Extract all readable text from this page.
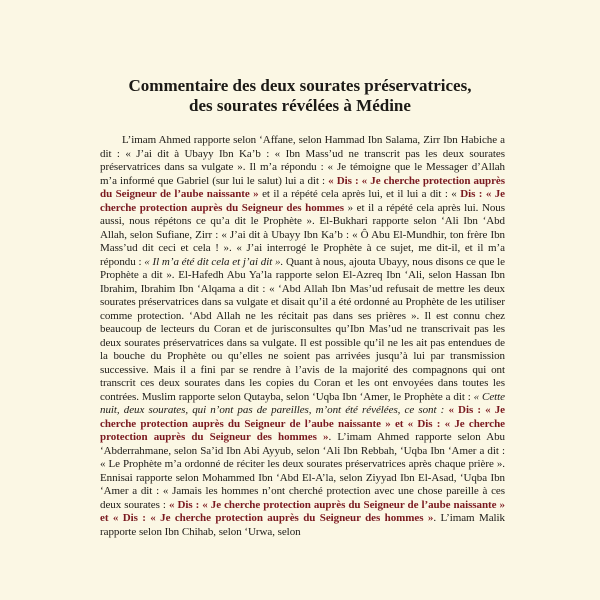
Commentaire des deux sourates préservatrices,
des sourates révélées à Médine

L’imam Ahmed rapporte selon ‘Affane, selon Hammad Ibn Salama, Zirr Ibn Habiche a dit : « J’ai dit à Ubayy Ibn Ka’b : « Ibn Mass’ud ne transcrit pas les deux sourates préservatrices dans sa vulgate ». Il m’a répondu : « Je témoigne que le Messager d’Allah m’a informé que Gabriel (sur lui le salut) lui a dit : « Dis : « Je cherche protection auprès du Seigneur de l’aube naissante » et il a répété cela après lui, et il lui a dit : « Dis : « Je cherche protection auprès du Seigneur des hommes » et il a répété cela après lui. Nous aussi, nous répétons ce qu’a dit le Prophète ». El-Bukhari rapporte selon ‘Ali Ibn ‘Abd Allah, selon Sufiane, Zirr : « J’ai dit à Ubayy Ibn Ka’b : « Ô Abu El-Mundhir, ton frère Ibn Mass’ud dit ceci et cela ! ». « J’ai interrogé le Prophète à ce sujet, me dit-il, et il m’a répondu : « Il m’a été dit cela et j’ai dit ». Quant à nous, ajouta Ubayy, nous disons ce que le Prophète a dit ». El-Hafedh Abu Ya’la rapporte selon El-Azreq Ibn ‘Ali, selon Hassan Ibn Ibrahim, Ibrahim Ibn ‘Alqama a dit : « ‘Abd Allah Ibn Mas’ud refusait de mettre les deux sourates préservatrices dans sa vulgate et disait qu’il a été ordonné au Prophète de les utiliser comme protection. ‘Abd Allah ne les récitait pas dans ses prières ». Il est connu chez beaucoup de lecteurs du Coran et de jurisconsultes qu’Ibn Mas’ud ne transcrivait pas les deux sourates préservatrices dans sa vulgate. Il est possible qu’il ne les ait pas entendues de la bouche du Prophète ou qu’elles ne soient pas arrivées jusqu’à lui par transmission successive. Mais il a fini par se rendre à l’avis de la majorité des compagnons qui ont transcrit ces deux sourates dans les copies du Coran et les ont envoyées dans toutes les contrées. Muslim rapporte selon Qutayba, selon ‘Uqba Ibn ‘Amer, le Prophète a dit : « Cette nuit, deux sourates, qui n’ont pas de pareilles, m’ont été révélées, ce sont : « Dis : « Je cherche protection auprès du Seigneur de l’aube naissante » et « Dis : « Je cherche protection auprès du Seigneur des hommes ». L’imam Ahmed rapporte selon Abu ‘Abderrahmane, selon Sa’id Ibn Abi Ayyub, selon ‘Ali Ibn Rebbah, ‘Uqba Ibn ‘Amer a dit : « Le Prophète m’a ordonné de réciter les deux sourates préservatrices après chaque prière ». Ennisai rapporte selon Mohammed Ibn ‘Abd El-A’la, selon Ziyyad Ibn El-Asad, ‘Uqba Ibn ‘Amer a dit : « Jamais les hommes n’ont cherché protection avec une chose pareille à ces deux sourates : « Dis : « Je cherche protection auprès du Seigneur de l’aube naissante » et « Dis : « Je cherche protection auprès du Seigneur des hommes ». L’imam Malik rapporte selon Ibn Chihab, selon ‘Urwa, selon
